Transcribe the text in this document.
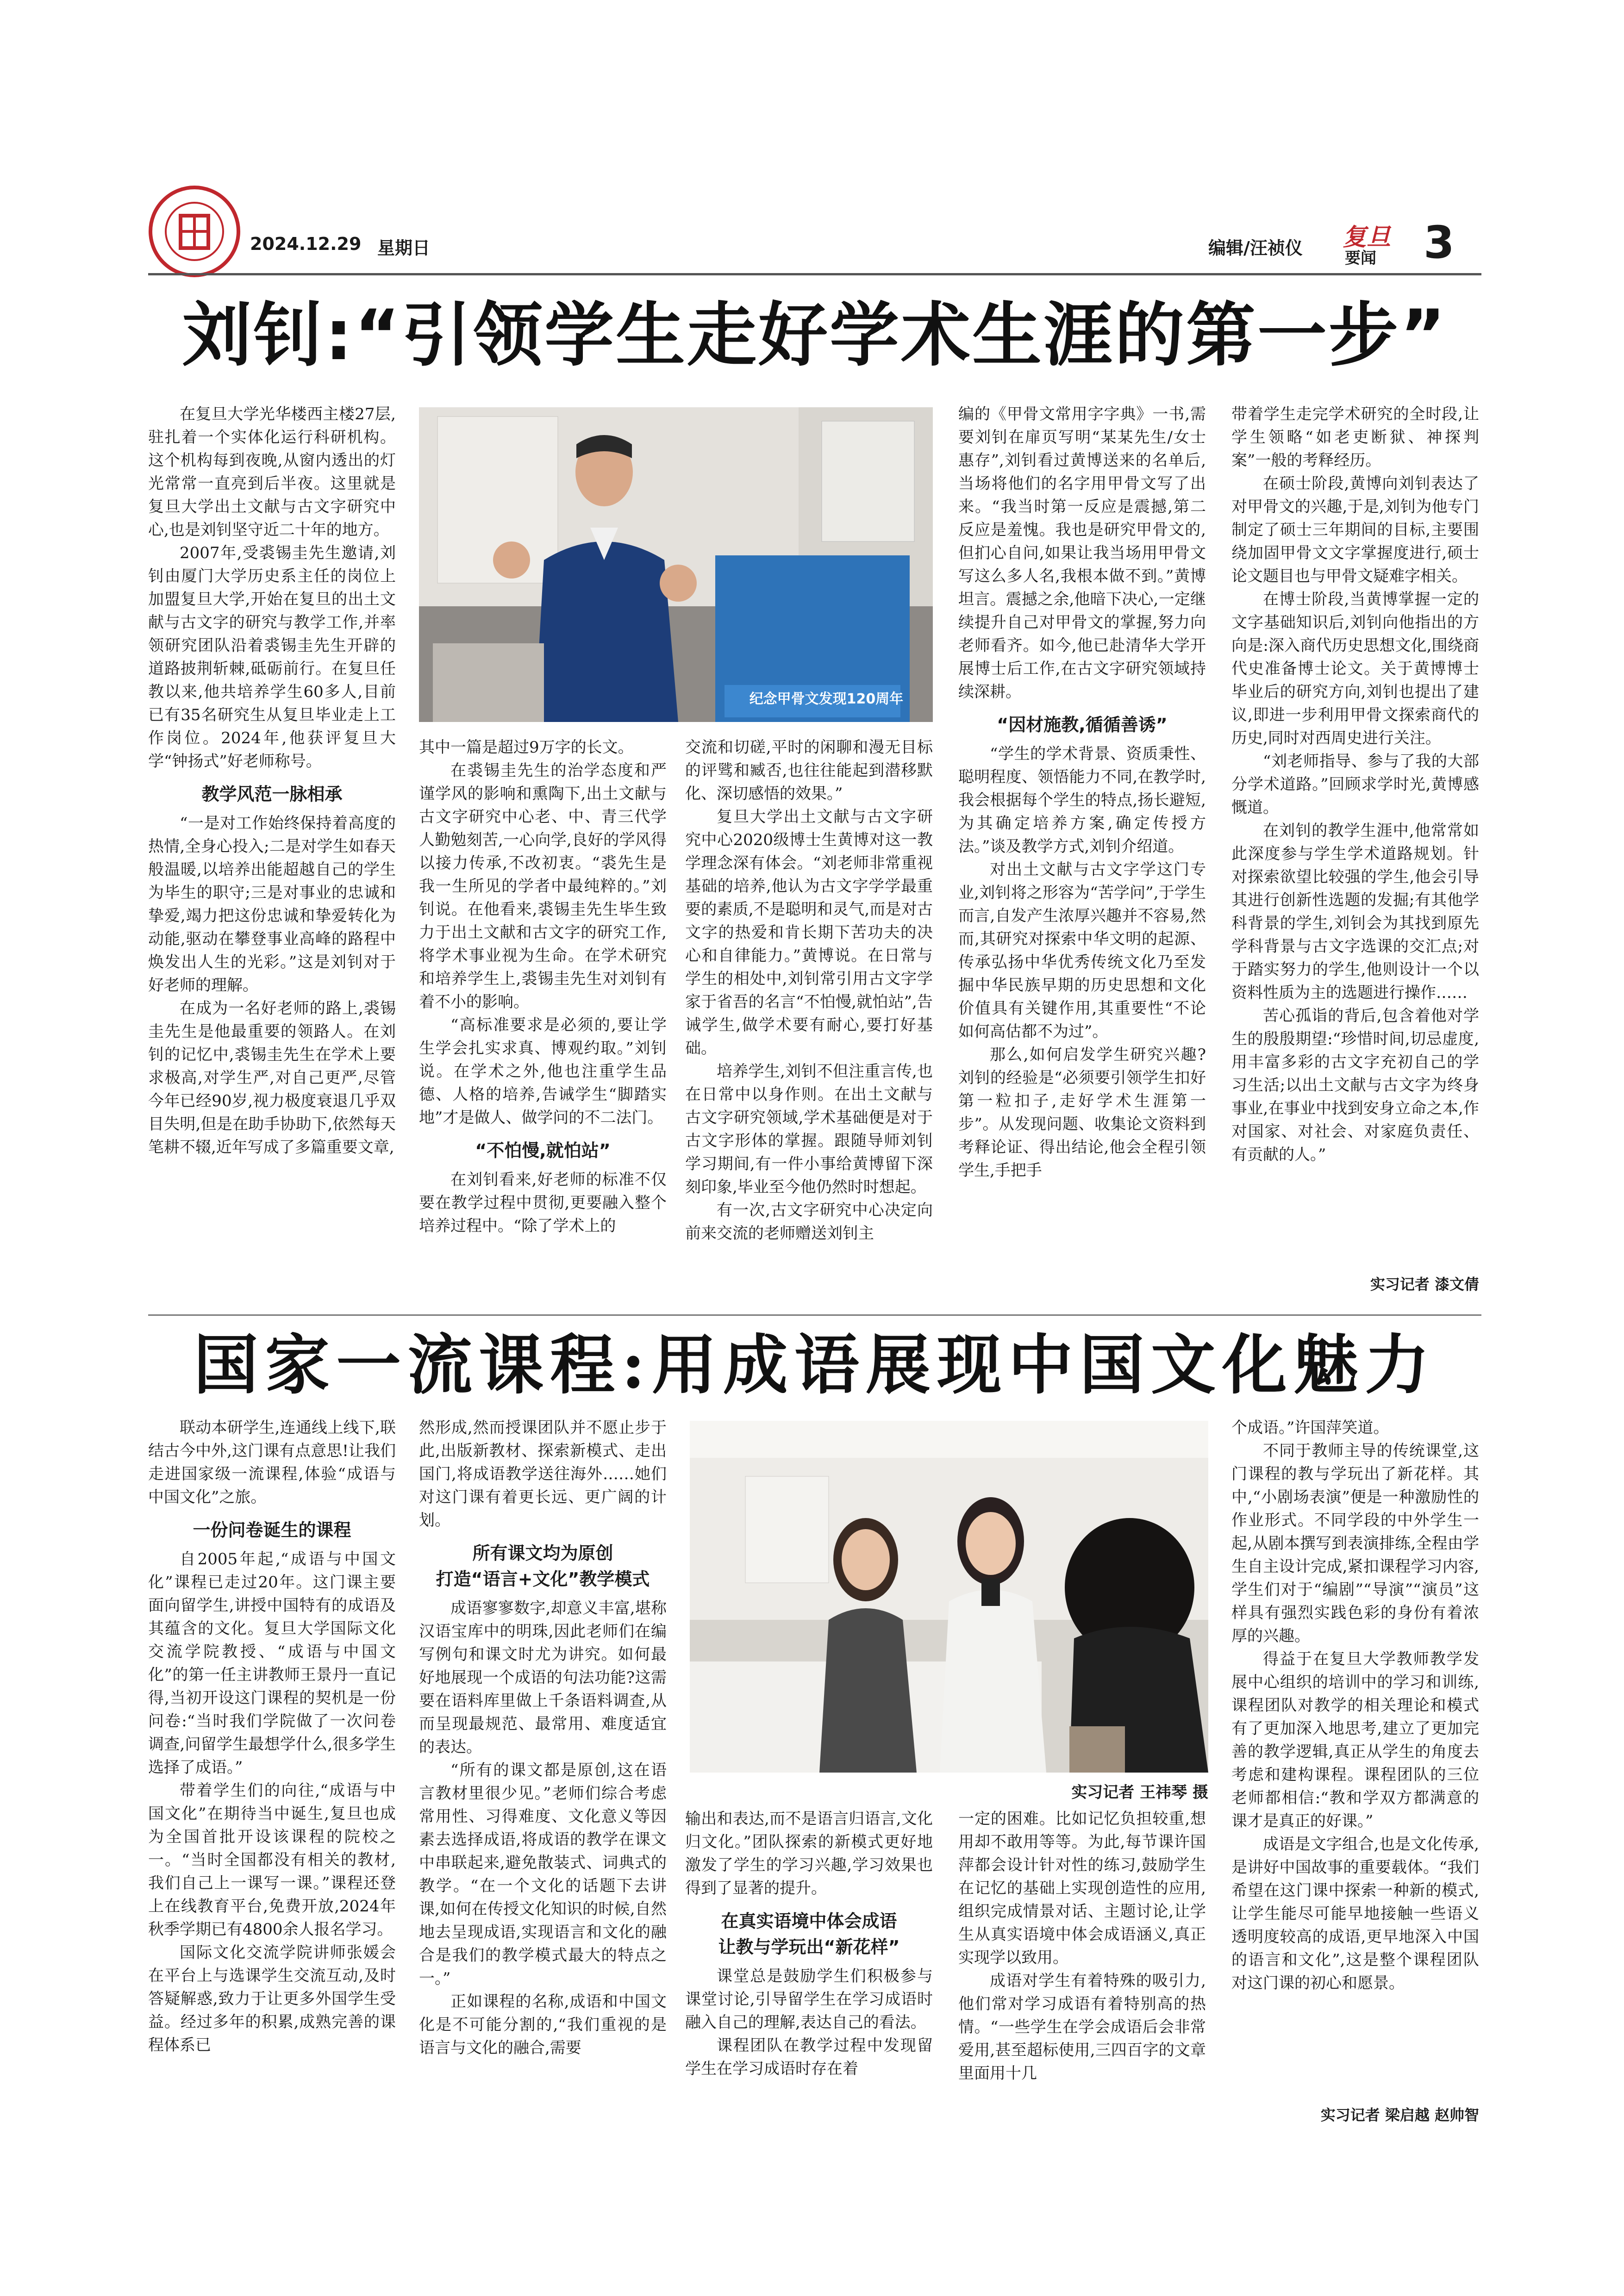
2024.12.29 星期日	编辑/汪祯仪 复旦
要闻 3
刘钊:“引领学生走好学术生涯的第一步”

在复旦大学光华楼西主楼27层,驻扎着一个实体化运行科研机构。这个机构每到夜晚,从窗内透出的灯光常常一直亮到后半夜。这里就是复旦大学出土文献与古文字研究中心,也是刘钊坚守近二十年的地方。

2007年,受裘锡圭先生邀请,刘钊由厦门大学历史系主任的岗位上加盟复旦大学,开始在复旦的出土文献与古文字的研究与教学工作,并率领研究团队沿着裘锡圭先生开辟的道路披荆斩棘,砥砺前行。在复旦任教以来,他共培养学生60多人,目前已有35名研究生从复旦毕业走上工作岗位。2024年,他获评复旦大学“钟扬式”好老师称号。

教学风范一脉相承

“一是对工作始终保持着高度的热情,全身心投入;二是对学生如春天般温暖,以培养出能超越自己的学生为毕生的职守;三是对事业的忠诚和挚爱,竭力把这份忠诚和挚爱转化为动能,驱动在攀登事业高峰的路程中焕发出人生的光彩。”这是刘钊对于好老师的理解。

在成为一名好老师的路上,裘锡圭先生是他最重要的领路人。在刘钊的记忆中,裘锡圭先生在学术上要求极高,对学生严,对自己更严,尽管今年已经90岁,视力极度衰退几乎双目失明,但是在助手协助下,依然每天笔耕不辍,近年写成了多篇重要文章,

纪念甲骨文发现120周年

其中一篇是超过9万字的长文。

在裘锡圭先生的治学态度和严谨学风的影响和熏陶下,出土文献与古文字研究中心老、中、青三代学人勤勉刻苦,一心向学,良好的学风得以接力传承,不改初衷。“裘先生是我一生所见的学者中最纯粹的。”刘钊说。在他看来,裘锡圭先生毕生致力于出土文献和古文字的研究工作,将学术事业视为生命。在学术研究和培养学生上,裘锡圭先生对刘钊有着不小的影响。

“高标准要求是必须的,要让学生学会扎实求真、博观约取。”刘钊说。在学术之外,他也注重学生品德、人格的培养,告诫学生“脚踏实地”才是做人、做学问的不二法门。

“不怕慢,就怕站”

在刘钊看来,好老师的标准不仅要在教学过程中贯彻,更要融入整个培养过程中。“除了学术上的

交流和切磋,平时的闲聊和漫无目标的评骘和臧否,也往往能起到潜移默化、深切感悟的效果。”

复旦大学出土文献与古文字研究中心2020级博士生黄博对这一教学理念深有体会。“刘老师非常重视基础的培养,他认为古文字学学最重要的素质,不是聪明和灵气,而是对古文字的热爱和肯长期下苦功夫的决心和自律能力。”黄博说。在日常与学生的相处中,刘钊常引用古文字学家于省吾的名言“不怕慢,就怕站”,告诫学生,做学术要有耐心,要打好基础。

培养学生,刘钊不但注重言传,也在日常中以身作则。在出土文献与古文字研究领域,学术基础便是对于古文字形体的掌握。跟随导师刘钊学习期间,有一件小事给黄博留下深刻印象,毕业至今他仍然时时想起。

有一次,古文字研究中心决定向前来交流的老师赠送刘钊主

编的《甲骨文常用字字典》一书,需要刘钊在扉页写明“某某先生/女士惠存”,刘钊看过黄博送来的名单后,当场将他们的名字用甲骨文写了出来。“我当时第一反应是震撼,第二反应是羞愧。我也是研究甲骨文的,但扪心自问,如果让我当场用甲骨文写这么多人名,我根本做不到。”黄博坦言。震撼之余,他暗下决心,一定继续提升自己对甲骨文的掌握,努力向老师看齐。如今,他已赴清华大学开展博士后工作,在古文字研究领域持续深耕。

“因材施教,循循善诱”

“学生的学术背景、资质秉性、聪明程度、领悟能力不同,在教学时,我会根据每个学生的特点,扬长避短,为其确定培养方案,确定传授方法。”谈及教学方式,刘钊介绍道。

对出土文献与古文字学这门专业,刘钊将之形容为“苦学问”,于学生而言,自发产生浓厚兴趣并不容易,然而,其研究对探索中华文明的起源、传承弘扬中华优秀传统文化乃至发掘中华民族早期的历史思想和文化价值具有关键作用,其重要性“不论如何高估都不为过”。

那么,如何启发学生研究兴趣?刘钊的经验是“必须要引领学生扣好第一粒扣子,走好学术生涯第一步”。从发现问题、收集论文资料到考释论证、得出结论,他会全程引领学生,手把手

带着学生走完学术研究的全时段,让学生领略“如老吏断狱、神探判案”一般的考释经历。

在硕士阶段,黄博向刘钊表达了对甲骨文的兴趣,于是,刘钊为他专门制定了硕士三年期间的目标,主要围绕加固甲骨文文字掌握度进行,硕士论文题目也与甲骨文疑难字相关。

在博士阶段,当黄博掌握一定的文字基础知识后,刘钊向他指出的方向是:深入商代历史思想文化,围绕商代史准备博士论文。关于黄博博士毕业后的研究方向,刘钊也提出了建议,即进一步利用甲骨文探索商代的历史,同时对西周史进行关注。

“刘老师指导、参与了我的大部分学术道路。”回顾求学时光,黄博感慨道。

在刘钊的教学生涯中,他常常如此深度参与学生学术道路规划。针对探索欲望比较强的学生,他会引导其进行创新性选题的发掘;有其他学科背景的学生,刘钊会为其找到原先学科背景与古文字选课的交汇点;对于踏实努力的学生,他则设计一个以资料性质为主的选题进行操作……

苦心孤诣的背后,包含着他对学生的殷殷期望:“珍惜时间,切忌虚度,用丰富多彩的古文字充初自己的学习生活;以出土文献与古文字为终身事业,在事业中找到安身立命之本,作对国家、对社会、对家庭负责任、有贡献的人。”

实习记者 漆文倩
国家一流课程:用成语展现中国文化魅力

联动本研学生,连通线上线下,联结古今中外,这门课有点意思!让我们走进国家级一流课程,体验“成语与中国文化”之旅。

一份问卷诞生的课程

自2005年起,“成语与中国文化”课程已走过20年。这门课主要面向留学生,讲授中国特有的成语及其蕴含的文化。复旦大学国际文化交流学院教授、“成语与中国文化”的第一任主讲教师王景丹一直记得,当初开设这门课程的契机是一份问卷:“当时我们学院做了一次问卷调查,问留学生最想学什么,很多学生选择了成语。”

带着学生们的向往,“成语与中国文化”在期待当中诞生,复旦也成为全国首批开设该课程的院校之一。“当时全国都没有相关的教材,我们自己上一课写一课。”课程还登上在线教育平台,免费开放,2024年秋季学期已有4800余人报名学习。

国际文化交流学院讲师张媛会在平台上与选课学生交流互动,及时答疑解惑,致力于让更多外国学生受益。经过多年的积累,成熟完善的课程体系已

然形成,然而授课团队并不愿止步于此,出版新教材、探索新模式、走出国门,将成语教学送往海外……她们对这门课有着更长远、更广阔的计划。

所有课文均为原创
打造“语言+文化”教学模式

成语寥寥数字,却意义丰富,堪称汉语宝库中的明珠,因此老师们在编写例句和课文时尤为讲究。如何最好地展现一个成语的句法功能?这需要在语料库里做上千条语料调查,从而呈现最规范、最常用、难度适宜的表达。

“所有的课文都是原创,这在语言教材里很少见。”老师们综合考虑常用性、习得难度、文化意义等因素去选择成语,将成语的教学在课文中串联起来,避免散装式、词典式的教学。“在一个文化的话题下去讲课,如何在传授文化知识的时候,自然地去呈现成语,实现语言和文化的融合是我们的教学模式最大的特点之一。”

正如课程的名称,成语和中国文化是不可能分割的,“我们重视的是语言与文化的融合,需要

实习记者 王祎琴 摄

输出和表达,而不是语言归语言,文化归文化。”团队探索的新模式更好地激发了学生的学习兴趣,学习效果也得到了显著的提升。

在真实语境中体会成语
让教与学玩出“新花样”

课堂总是鼓励学生们积极参与课堂讨论,引导留学生在学习成语时融入自己的理解,表达自己的看法。

课程团队在教学过程中发现留学生在学习成语时存在着

一定的困难。比如记忆负担较重,想用却不敢用等等。为此,每节课许国萍都会设计针对性的练习,鼓励学生在记忆的基础上实现创造性的应用,组织完成情景对话、主题讨论,让学生从真实语境中体会成语涵义,真正实现学以致用。

成语对学生有着特殊的吸引力,他们常对学习成语有着特别高的热情。“一些学生在学会成语后会非常爱用,甚至超标使用,三四百字的文章里面用十几

个成语。”许国萍笑道。

不同于教师主导的传统课堂,这门课程的教与学玩出了新花样。其中,“小剧场表演”便是一种激励性的作业形式。不同学段的中外学生一起,从剧本撰写到表演排练,全程由学生自主设计完成,紧扣课程学习内容,学生们对于“编剧”“导演”“演员”这样具有强烈实践色彩的身份有着浓厚的兴趣。

得益于在复旦大学教师教学发展中心组织的培训中的学习和训练,课程团队对教学的相关理论和模式有了更加深入地思考,建立了更加完善的教学逻辑,真正从学生的角度去考虑和建构课程。课程团队的三位老师都相信:“教和学双方都满意的课才是真正的好课。”

成语是文字组合,也是文化传承,是讲好中国故事的重要载体。“我们希望在这门课中探索一种新的模式,让学生能尽可能早地接触一些语义透明度较高的成语,更早地深入中国的语言和文化”,这是整个课程团队对这门课的初心和愿景。

实习记者 梁启越 赵帅智
